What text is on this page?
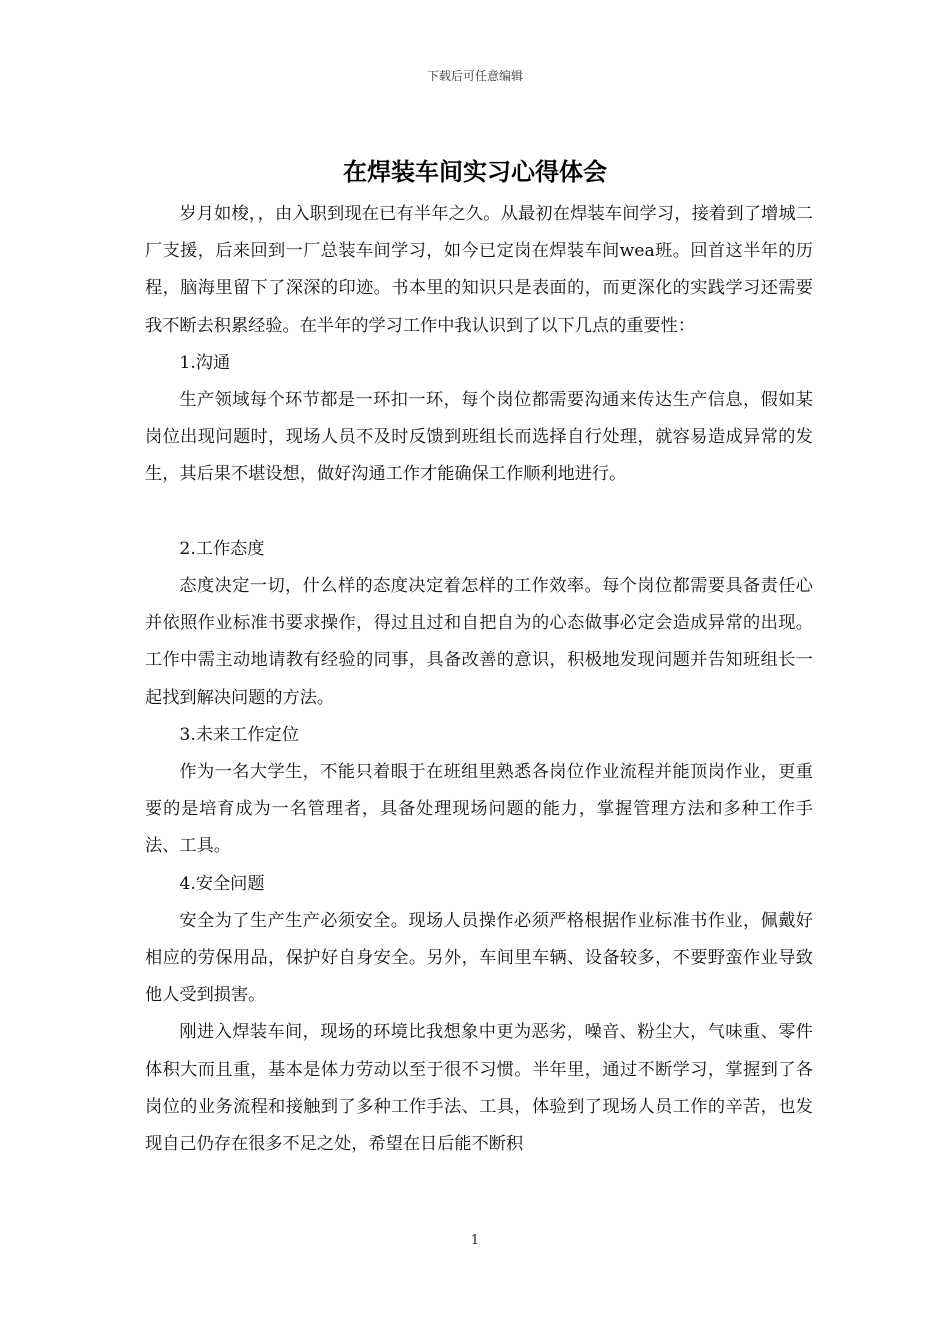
下载后可任意编辑
在焊装车间实习心得体会

岁月如梭，，由入职到现在已有半年之久。从最初在焊装车间学习，接着到了增城二厂支援，后来回到一厂总装车间学习，如今已定岗在焊装车间wea班。回首这半年的历程，脑海里留下了深深的印迹。书本里的知识只是表面的，而更深化的实践学习还需要我不断去积累经验。在半年的学习工作中我认识到了以下几点的重要性：

1.沟通

生产领域每个环节都是一环扣一环，每个岗位都需要沟通来传达生产信息，假如某岗位出现问题时，现场人员不及时反馈到班组长而选择自行处理，就容易造成异常的发生，其后果不堪设想，做好沟通工作才能确保工作顺利地进行。

2.工作态度

态度决定一切，什么样的态度决定着怎样的工作效率。每个岗位都需要具备责任心并依照作业标准书要求操作，得过且过和自把自为的心态做事必定会造成异常的出现。工作中需主动地请教有经验的同事，具备改善的意识，积极地发现问题并告知班组长一起找到解决问题的方法。

3.未来工作定位

作为一名大学生，不能只着眼于在班组里熟悉各岗位作业流程并能顶岗作业，更重要的是培育成为一名管理者，具备处理现场问题的能力，掌握管理方法和多种工作手法、工具。

4.安全问题

安全为了生产生产必须安全。现场人员操作必须严格根据作业标准书作业，佩戴好相应的劳保用品，保护好自身安全。另外，车间里车辆、设备较多，不要野蛮作业导致他人受到损害。

刚进入焊装车间，现场的环境比我想象中更为恶劣，噪音、粉尘大，气味重、零件体积大而且重，基本是体力劳动以至于很不习惯。半年里，通过不断学习，掌握到了各岗位的业务流程和接触到了多种工作手法、工具，体验到了现场人员工作的辛苦，也发现自己仍存在很多不足之处，希望在日后能不断积

1
